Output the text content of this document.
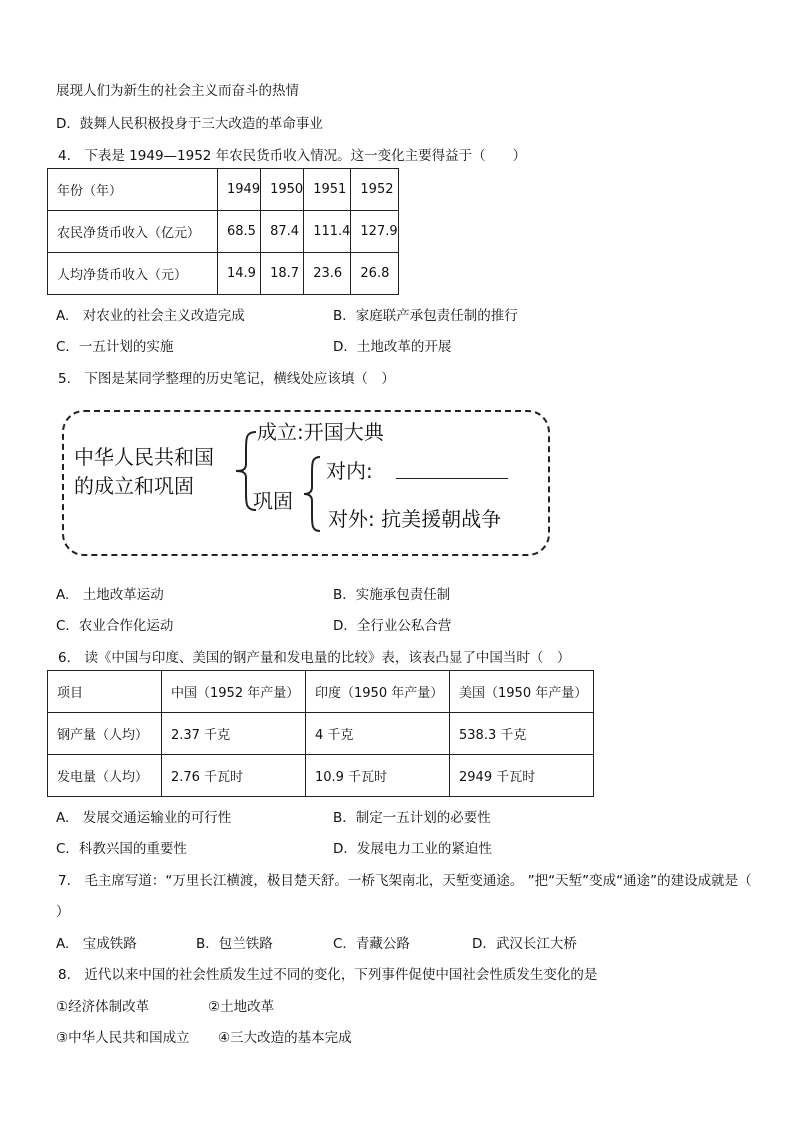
展现人们为新生的社会主义而奋斗的热情
D．鼓舞人民积极投身于三大改造的革命事业
4.　下表是 1949—1952 年农民货币收入情况。这一变化主要得益于（　　）
年份（年）	1949	1950	1951	1952
农民净货币收入（亿元）	68.5	87.4	111.4	127.9
人均净货币收入（元）	14.9	18.7	23.6	26.8
A.　对农业的社会主义改造完成	B．家庭联产承包责任制的推行
C．一五计划的实施	D．土地改革的开展
5.　下图是某同学整理的历史笔记，横线处应该填（　）
中华人民共和国
的成立和巩固
成立:开国大典
巩固
对内:
对外: 抗美援朝战争
A.　土地改革运动	B．实施承包责任制
C．农业合作化运动	D．全行业公私合营
6.　读《中国与印度、美国的钢产量和发电量的比较》表，该表凸显了中国当时（　）
项目	中国（1952 年产量）	印度（1950 年产量）	美国（1950 年产量）
钢产量（人均）	2.37 千克	4 千克	538.3 千克
发电量（人均）	2.76 千瓦时	10.9 千瓦时	2949 千瓦时
A.　发展交通运输业的可行性	B．制定一五计划的必要性
C．科教兴国的重要性	D．发展电力工业的紧迫性
7.　毛主席写道：“万里长江横渡，极目楚天舒。一桥飞架南北，天堑变通途。 ”把“天堑”变成“通途”的建设成就是（
）
A.　宝成铁路	B．包兰铁路	C．青藏公路	D．武汉长江大桥
8.　近代以来中国的社会性质发生过不同的变化，下列事件促使中国社会性质发生变化的是
①经济体制改革	②土地改革
③中华人民共和国成立 ④三大改造的基本完成
